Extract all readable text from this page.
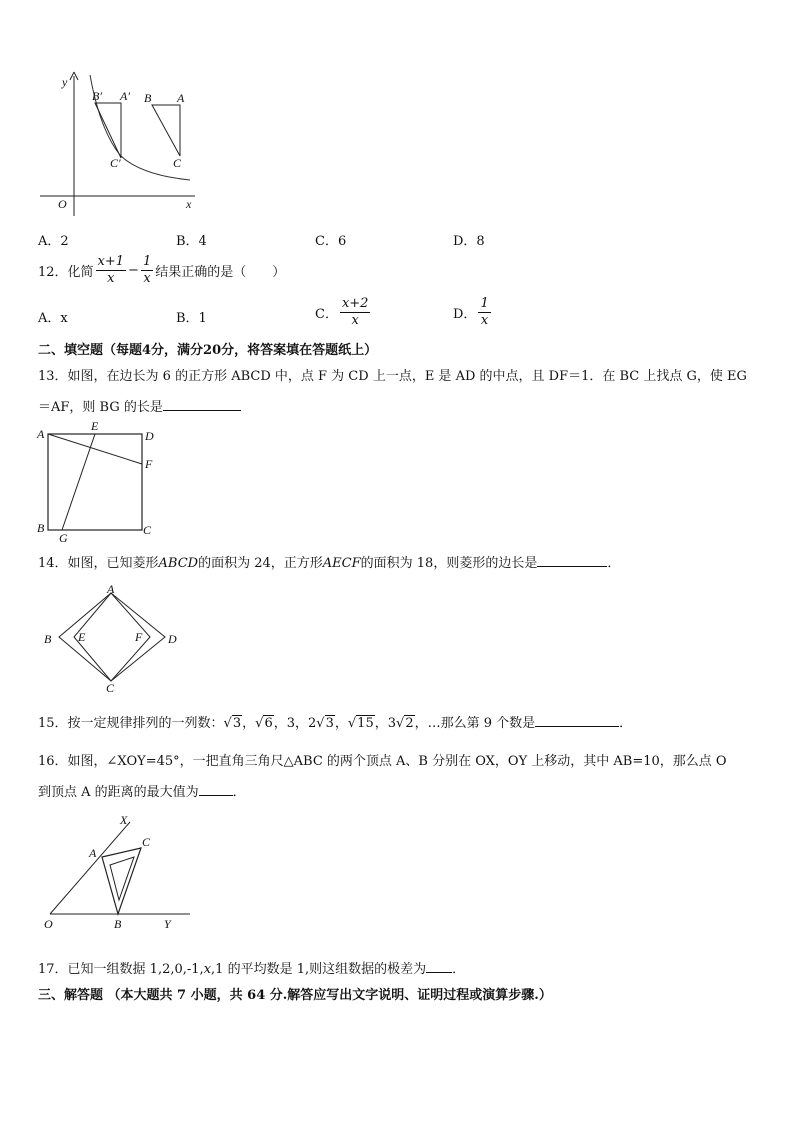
y
x
O
B′ A′
C′
B A
C
A．2	B．4	C．6	D．8
12．化简 $\frac{x+1}{x} - \frac{1}{x}$ 结果正确的是（　　）
A．x	B．1	C． $\frac{x+2}{x}$	D． $\frac{1}{x}$
二、填空题（每题4分，满分20分，将答案填在答题纸上）
13．如图，在边长为 6 的正方形 ABCD 中，点 F 为 CD 上一点，E 是 AD 的中点，且 DF＝1．在 BC 上找点 G，使 EG
＝AF，则 BG 的长是
A
E
D
F
B
G
C
14．如图，已知菱形ABCD的面积为 24，正方形AECF的面积为 18，则菱形的边长是	．
A
B E	F D
C
15．按一定规律排列的一列数：√3，√6，3，2√3，√15，3√2，…那么第 9 个数是	．
16．如图，∠XOY=45°，一把直角三角尺△ABC 的两个顶点 A、B 分别在 OX，OY 上移动，其中 AB=10，那么点 O
到顶点 A 的距离的最大值为	．
X
A
C
O	B	Y
17．已知一组数据 1,2,0,-1,x,1 的平均数是 1,则这组数据的极差为 ．
三、解答题 （本大题共 7 小题，共 64 分.解答应写出文字说明、证明过程或演算步骤.）
